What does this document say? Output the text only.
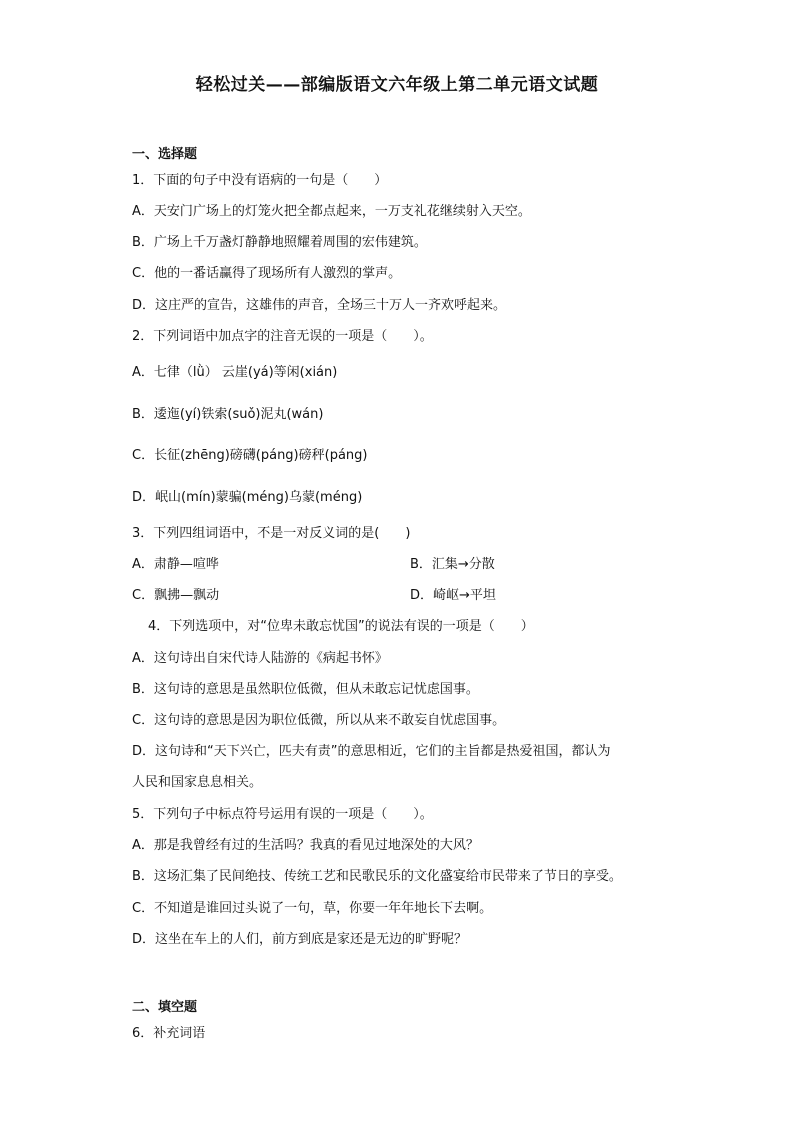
轻松过关——部编版语文六年级上第二单元语文试题
一、选择题
1．下面的句子中没有语病的一句是（　　）
A．天安门广场上的灯笼火把全都点起来，一万支礼花继续射入天空。
B．广场上千万盏灯静静地照耀着周围的宏伟建筑。
C．他的一番话赢得了现场所有人激烈的掌声。
D．这庄严的宣告，这雄伟的声音，全场三十万人一齐欢呼起来。
2．下列词语中加点字的注音无误的一项是（　　）。
A．七律（lǜ） 云崖(yá)等闲(xián)
B．逶迤(yí)铁索(suǒ)泥丸(wán)
C．长征(zhēng)磅礴(páng)磅秤(páng)
D．岷山(mín)蒙骗(méng)乌蒙(méng)
3．下列四组词语中，不是一对反义词的是(　　)
A．肃静—喧哗	B．汇集→分散
C．飘拂—飘动	D．崎岖→平坦
4．下列选项中，对“位卑未敢忘忧国”的说法有误的一项是（　　）
A．这句诗出自宋代诗人陆游的《病起书怀》
B．这句诗的意思是虽然职位低微，但从未敢忘记忧虑国事。
C．这句诗的意思是因为职位低微，所以从来不敢妄自忧虑国事。
D．这句诗和“天下兴亡，匹夫有责”的意思相近，它们的主旨都是热爱祖国，都认为
人民和国家息息相关。
5．下列句子中标点符号运用有误的一项是（　　）。
A．那是我曾经有过的生活吗？我真的看见过地深处的大风？
B．这场汇集了民间绝技、传统工艺和民歌民乐的文化盛宴给市民带来了节日的享受。
C．不知道是谁回过头说了一句，草，你要一年年地长下去啊。
D．这坐在车上的人们，前方到底是家还是无边的旷野呢？
二、填空题
6．补充词语
